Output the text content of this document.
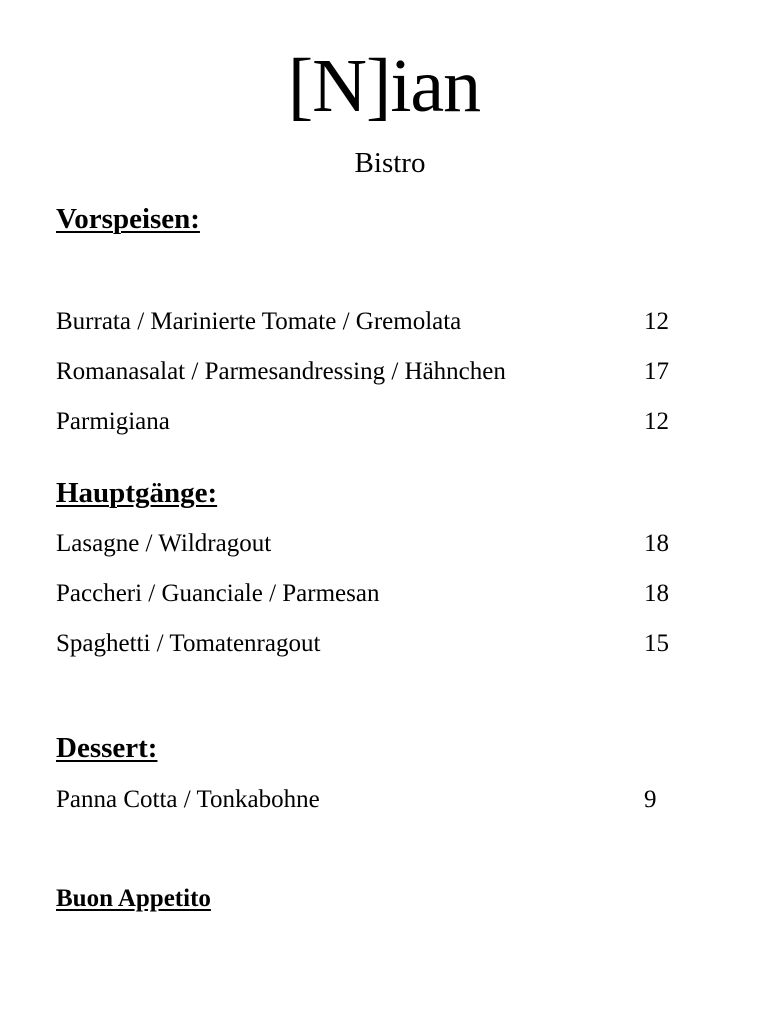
[N]ian
Bistro
Vorspeisen:
Burrata / Marinierte Tomate / Gremolata	12
Romanasalat / Parmesandressing / Hähnchen	17
Parmigiana	12
Hauptgänge:
Lasagne / Wildragout	18
Paccheri / Guanciale / Parmesan	18
Spaghetti / Tomatenragout	15
Dessert:
Panna Cotta / Tonkabohne	9
Buon Appetito
